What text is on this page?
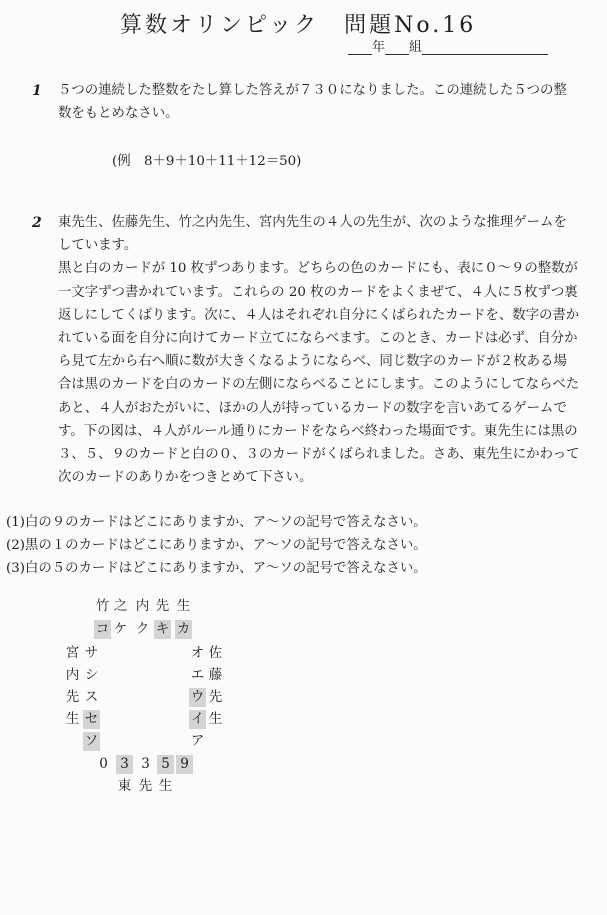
算数オリンピック　問題No.16
年 組
1 ５つの連続した整数をたし算した答えが７３０になりました。この連続した５つの整数をもとめなさい。
(例　8＋9＋10＋11＋12＝50)
2 東先生、佐藤先生、竹之内先生、宮内先生の４人の先生が、次のような推理ゲームをしています。
黒と白のカードが 10 枚ずつあります。どちらの色のカードにも、表に０～９の整数が一文字ずつ書かれています。これらの 20 枚のカードをよくまぜて、４人に５枚ずつ裏返しにしてくばります。次に、４人はそれぞれ自分にくばられたカードを、数字の書かれている面を自分に向けてカード立てにならべます。このとき、カードは必ず、自分から見て左から右へ順に数が大きくなるようにならべ、同じ数字のカードが２枚ある場合は黒のカードを白のカードの左側にならべることにします。このようにしてならべたあと、４人がおたがいに、ほかの人が持っているカードの数字を言いあてるゲームです。下の図は、４人がルール通りにカードをならべ終わった場面です。東先生には黒の３、５、９のカードと白の０、３のカードがくばられました。さあ、東先生にかわって次のカードのありかをつきとめて下さい。
(1)白の９のカードはどこにありますか、ア～ソの記号で答えなさい。
(2)黒の１のカードはどこにありますか、ア～ソの記号で答えなさい。
(3)白の５のカードはどこにありますか、ア～ソの記号で答えなさい。
竹 之 内 先 生
コ ケ ク キ カ
宮
内
先
生
サ
シ
ス
セ
ソ
オ
エ
ウ
イ
ア
佐
藤
先
生
0 3 3 5 9
東 先 生
